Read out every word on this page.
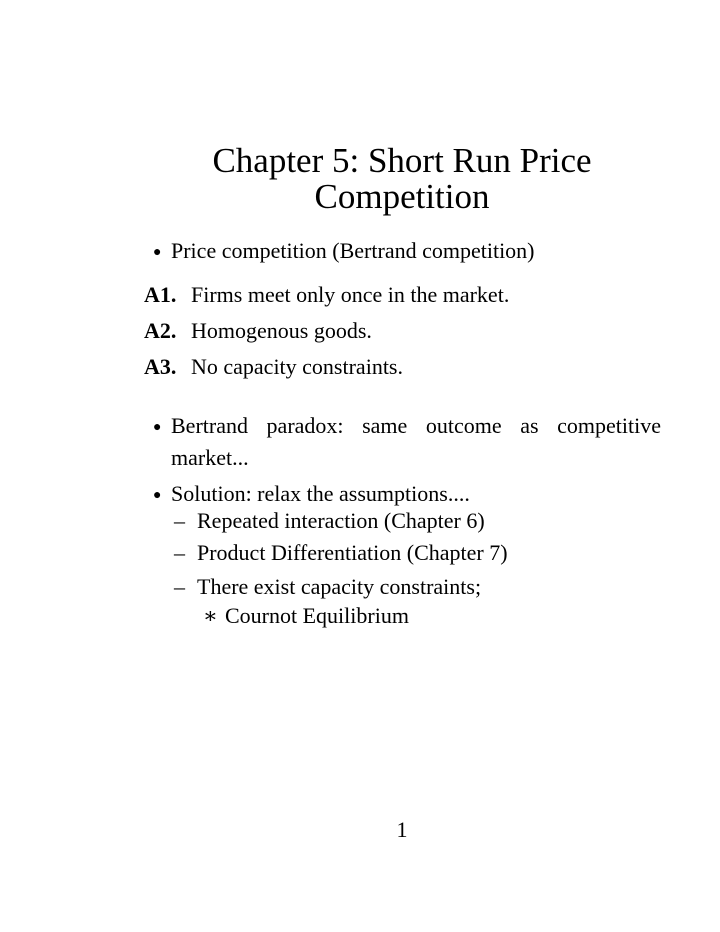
Chapter 5: Short Run Price
Competition
● Price competition (Bertrand competition)
A1. Firms meet only once in the market.
A2. Homogenous goods.
A3. No capacity constraints.
● Bertrand paradox: same outcome as competitive
market...
● Solution: relax the assumptions....
– Repeated interaction (Chapter 6)
– Product Differentiation (Chapter 7)
– There exist capacity constraints;
∗ Cournot Equilibrium
1
